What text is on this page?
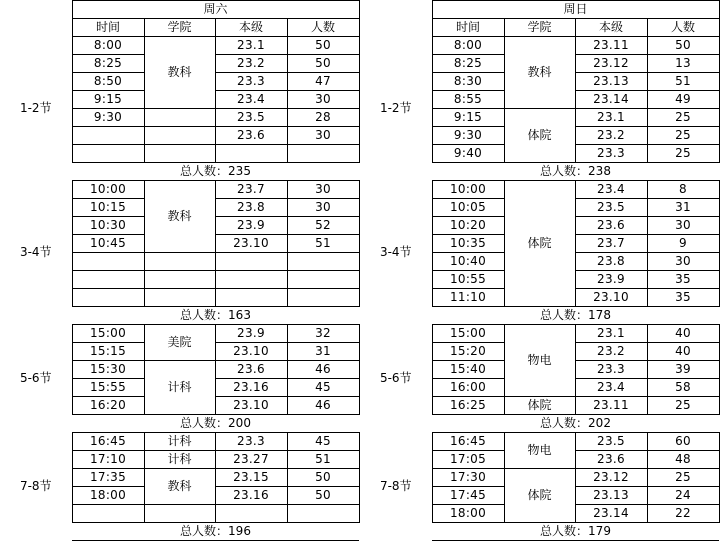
	周六			
	时间	学院	本级	人数
1-2节	8:00	教科	23.1	50
	8:25		23.2	50
	8:50		23.3	47
	9:15		23.4	30
	9:30		23.5	28
			23.6	30

	总人数：235			
3-4节	10:00	教科	23.7	30
	10:15		23.8	30
	10:30		23.9	52
	10:45		23.10	51

	总人数：163			
5-6节	15:00	美院	23.9	32
	15:15		23.10	31
	15:30	计科	23.6	46
	15:55		23.16	45
	16:20		23.10	46
	总人数：200			
7-8节	16:45	计科	23.3	45
	17:10	计科	23.27	51
	17:35	教科	23.15	50
	18:00		23.16	50

	总人数：196			
	周日			
	时间	学院	本级	人数
1-2节	8:00	教科	23.11	50
	8:25		23.12	13
	8:30		23.13	51
	8:55		23.14	49
	9:15	体院	23.1	25
	9:30		23.2	25
	9:40		23.3	25
	总人数：238			
3-4节	10:00	体院	23.4	8
	10:05		23.5	31
	10:20		23.6	30
	10:35		23.7	9
	10:40		23.8	30
	10:55		23.9	35
	11:10		23.10	35
	总人数：178			
5-6节	15:00	物电	23.1	40
	15:20		23.2	40
	15:40		23.3	39
	16:00		23.4	58
	16:25	体院	23.11	25
	总人数：202			
7-8节	16:45	物电	23.5	60
	17:05		23.6	48
	17:30	体院	23.12	25
	17:45		23.13	24
	18:00		23.14	22
	总人数：179			
